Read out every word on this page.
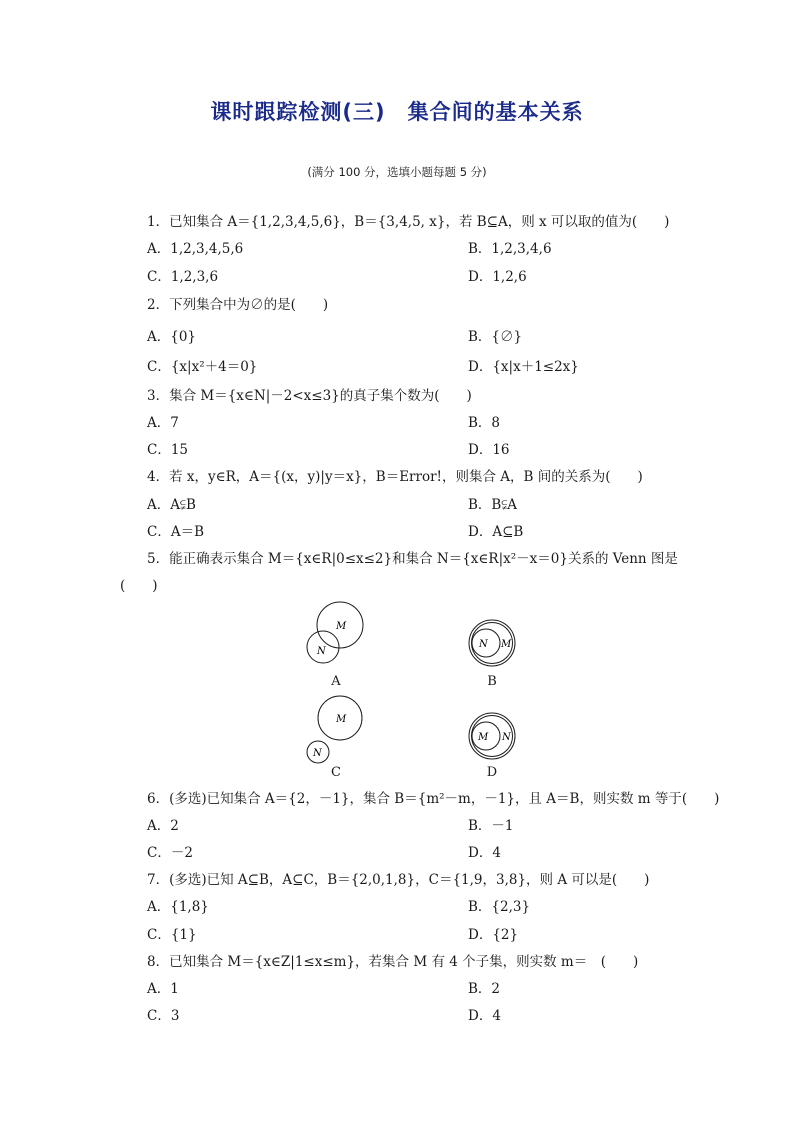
课时跟踪检测(三) 集合间的基本关系
(满分 100 分，选填小题每题 5 分)
1．已知集合 A＝{1,2,3,4,5,6}，B＝{3,4,5, x}，若 B⊆A，则 x 可以取的值为(　　)
A．1,2,3,4,5,6	B．1,2,3,4,6
C．1,2,3,6	D．1,2,6
2．下列集合中为∅的是(　　)
A．{0}	B．{∅}
C．{x|x²＋4＝0}	D．{x|x＋1≤2x}
3．集合 M＝{x∈N|－2<x≤3}的真子集个数为(　　)
A．7	B．8
C．15	D．16
4．若 x，y∈R，A＝{(x，y)|y＝x}，B＝Error!，则集合 A，B 间的关系为(　　)
A．A⫋B	B．B⫋A
C．A＝B	D．A⊆B
5．能正确表示集合 M＝{x∈R|0≤x≤2}和集合 N＝{x∈R|x²－x＝0}关系的 Venn 图是
(　　)
M
N
A
N M
B
M
N
C
M N
D
6．(多选)已知集合 A＝{2，－1}，集合 B＝{m²－m，－1}，且 A＝B，则实数 m 等于(　　)
A．2	B．－1
C．－2	D．4
7．(多选)已知 A⊆B，A⊆C，B＝{2,0,1,8}，C＝{1,9，3,8}，则 A 可以是(　　)
A．{1,8}	B．{2,3}
C．{1}	D．{2}
8．已知集合 M＝{x∈Z|1≤x≤m}，若集合 M 有 4 个子集，则实数 m＝　(　　)
A．1	B．2
C．3	D．4
